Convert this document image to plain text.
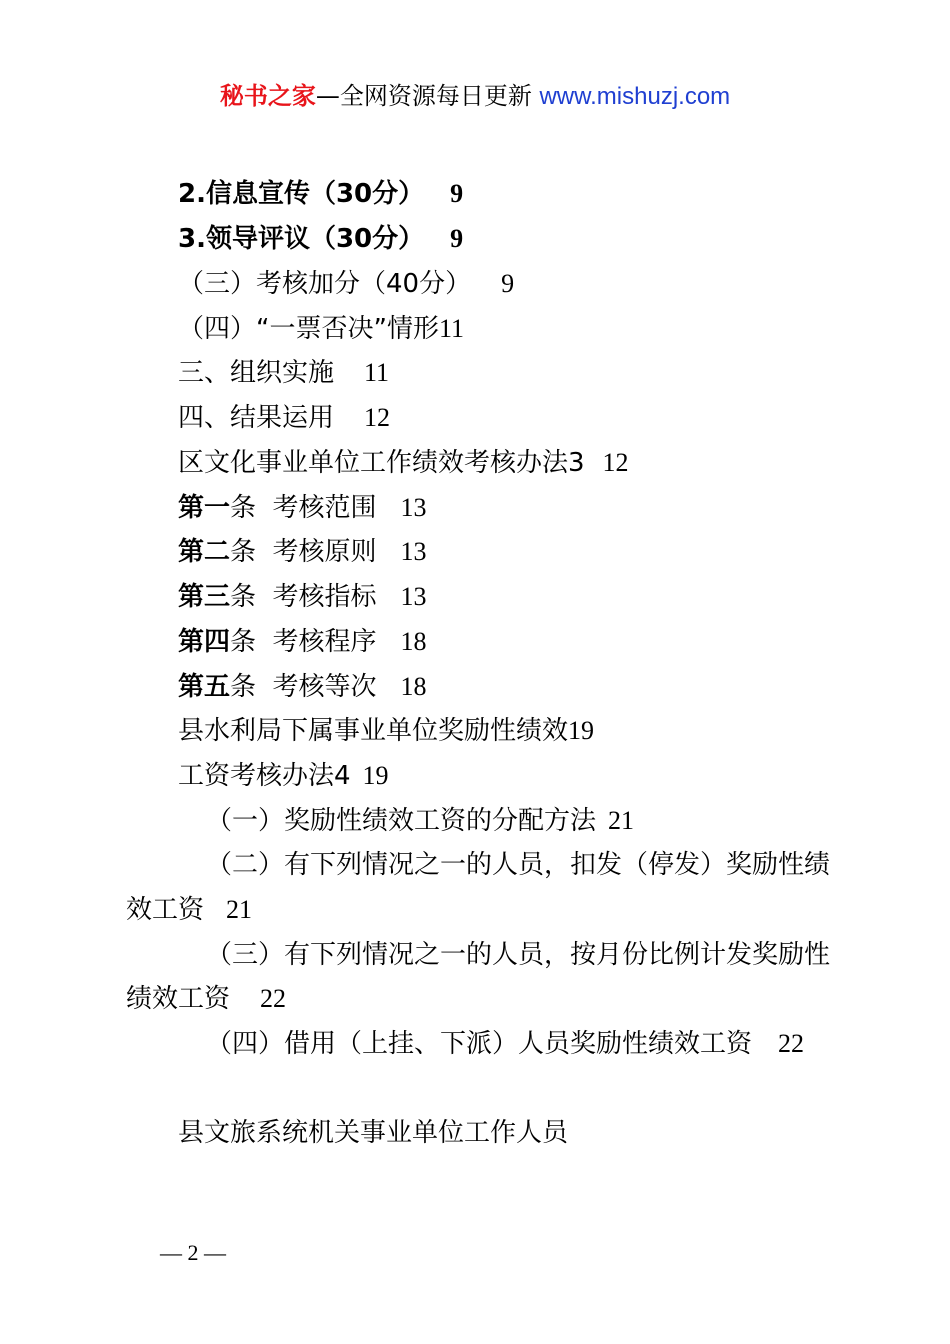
秘书之家—全网资源每日更新 www.mishuzj.com
2.信息宣传（30分） 9
3.领导评议（30分） 9
（三）考核加分（40分） 9
（四）“一票否决”情形11
三、组织实施 11
四、结果运用 12
区文化事业单位工作绩效考核办法3 12
第一条  考核范围 13
第二条  考核原则 13
第三条  考核指标 13
第四条  考核程序 18
第五条  考核等次 18
县水利局下属事业单位奖励性绩效19
工资考核办法4 19
（一）奖励性绩效工资的分配方法 21
（二）有下列情况之一的人员，扣发（停发）奖励性绩
效工资 21
（三）有下列情况之一的人员，按月份比例计发奖励性
绩效工资 22
（四）借用（上挂、下派）人员奖励性绩效工资 22
县文旅系统机关事业单位工作人员
— 2 —
